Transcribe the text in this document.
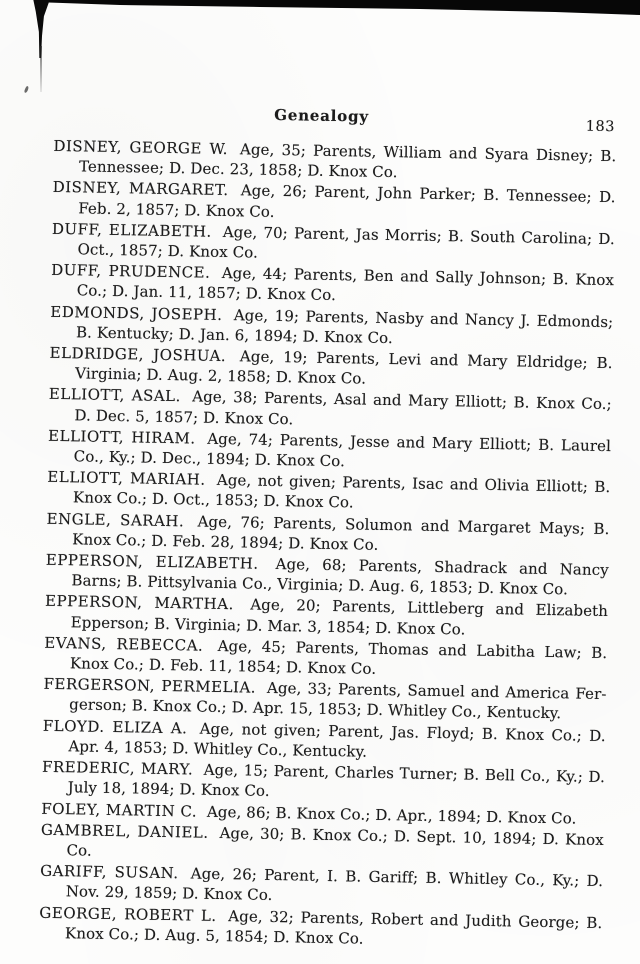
Genealogy
183

DISNEY, GEORGE W. Age, 35; Parents, William and Syara Disney; B. Tennessee; D. Dec. 23, 1858; D. Knox Co.

DISNEY, MARGARET. Age, 26; Parent, John Parker; B. Tennessee; D. Feb. 2, 1857; D. Knox Co.

DUFF, ELIZABETH. Age, 70; Parent, Jas Morris; B. South Carolina; D. Oct., 1857; D. Knox Co.

DUFF, PRUDENCE. Age, 44; Parents, Ben and Sally Johnson; B. Knox Co.; D. Jan. 11, 1857; D. Knox Co.

EDMONDS, JOSEPH. Age, 19; Parents, Nasby and Nancy J. Edmonds; B. Kentucky; D. Jan. 6, 1894; D. Knox Co.

ELDRIDGE, JOSHUA. Age, 19; Parents, Levi and Mary Eldridge; B. Virginia; D. Aug. 2, 1858; D. Knox Co.

ELLIOTT, ASAL. Age, 38; Parents, Asal and Mary Elliott; B. Knox Co.; D. Dec. 5, 1857; D. Knox Co.

ELLIOTT, HIRAM. Age, 74; Parents, Jesse and Mary Elliott; B. Laurel Co., Ky.; D. Dec., 1894; D. Knox Co.

ELLIOTT, MARIAH. Age, not given; Parents, Isac and Olivia Elliott; B. Knox Co.; D. Oct., 1853; D. Knox Co.

ENGLE, SARAH. Age, 76; Parents, Solumon and Margaret Mays; B. Knox Co.; D. Feb. 28, 1894; D. Knox Co.

EPPERSON, ELIZABETH. Age, 68; Parents, Shadrack and Nancy Barns; B. Pittsylvania Co., Virginia; D. Aug. 6, 1853; D. Knox Co.

EPPERSON, MARTHA. Age, 20; Parents, Littleberg and Elizabeth Epperson; B. Virginia; D. Mar. 3, 1854; D. Knox Co.

EVANS, REBECCA. Age, 45; Parents, Thomas and Labitha Law; B. Knox Co.; D. Feb. 11, 1854; D. Knox Co.

FERGERSON, PERMELIA. Age, 33; Parents, Samuel and America Fergerson; B. Knox Co.; D. Apr. 15, 1853; D. Whitley Co., Kentucky.

FLOYD. ELIZA A. Age, not given; Parent, Jas. Floyd; B. Knox Co.; D. Apr. 4, 1853; D. Whitley Co., Kentucky.

FREDERIC, MARY. Age, 15; Parent, Charles Turner; B. Bell Co., Ky.; D. July 18, 1894; D. Knox Co.

FOLEY, MARTIN C. Age, 86; B. Knox Co.; D. Apr., 1894; D. Knox Co.

GAMBREL, DANIEL. Age, 30; B. Knox Co.; D. Sept. 10, 1894; D. Knox Co.

GARIFF, SUSAN. Age, 26; Parent, I. B. Gariff; B. Whitley Co., Ky.; D. Nov. 29, 1859; D. Knox Co.

GEORGE, ROBERT L. Age, 32; Parents, Robert and Judith George; B. Knox Co.; D. Aug. 5, 1854; D. Knox Co.
